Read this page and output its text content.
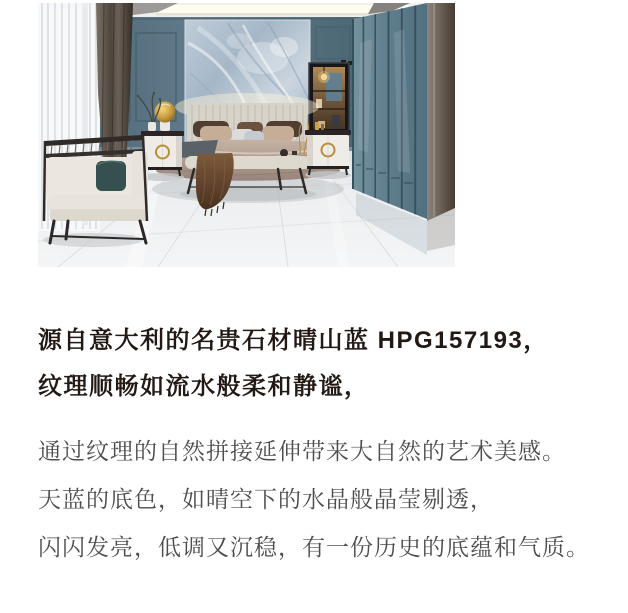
源自意大利的名贵石材晴山蓝 HPG157193，

纹理顺畅如流水般柔和静谧，

通过纹理的自然拼接延伸带来大自然的艺术美感。

天蓝的底色，如晴空下的水晶般晶莹剔透，

闪闪发亮，低调又沉稳，有一份历史的底蕴和气质。
